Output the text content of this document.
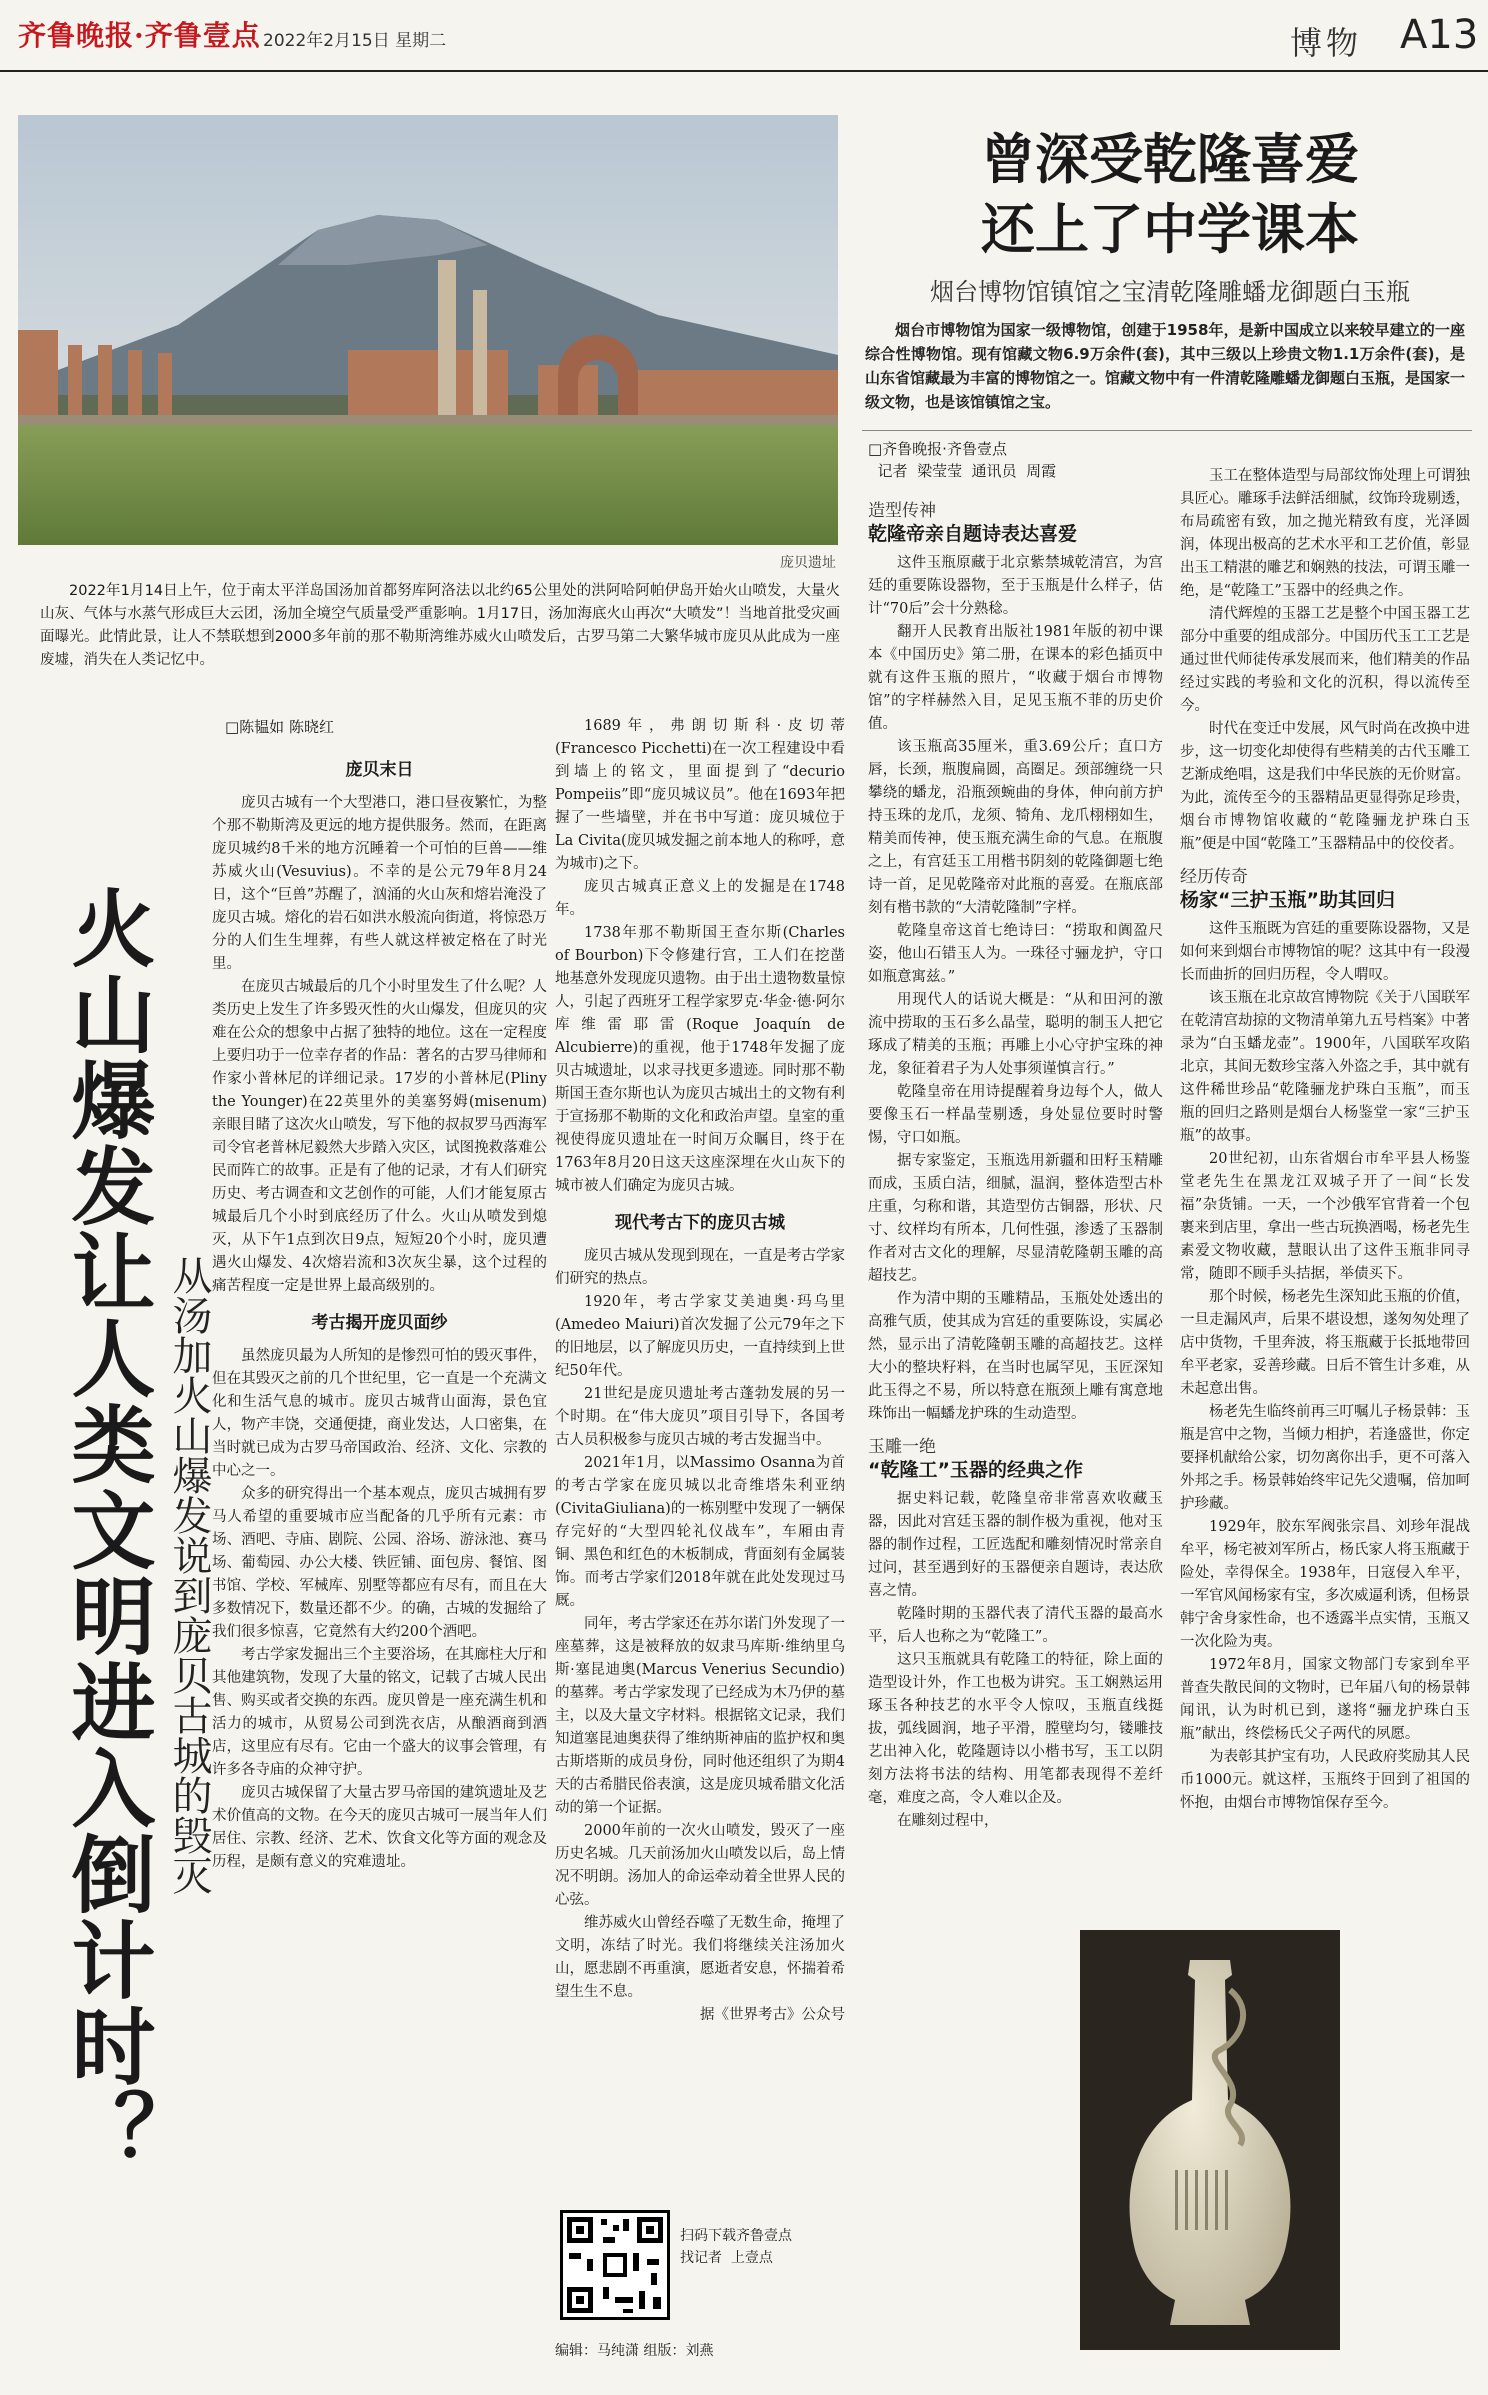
齐鲁晚报·齐鲁壹点 2022年2月15日 星期二	博物 A13
庞贝遗址
2022年1月14日上午，位于南太平洋岛国汤加首都努库阿洛法以北约65公里处的洪阿哈阿帕伊岛开始火山喷发，大量火山灰、气体与水蒸气形成巨大云团，汤加全境空气质量受严重影响。1月17日，汤加海底火山再次“大喷发”！当地首批受灾画面曝光。此情此景，让人不禁联想到2000多年前的那不勒斯湾维苏威火山喷发后，古罗马第二大繁华城市庞贝从此成为一座废墟，消失在人类记忆中。
□陈韫如 陈晓红
火山爆发让人类文明进入倒计时？ 从汤加火山爆发说到庞贝古城的毁灭

庞贝末日

庞贝古城有一个大型港口，港口昼夜繁忙，为整个那不勒斯湾及更远的地方提供服务。然而，在距离庞贝城约8千米的地方沉睡着一个可怕的巨兽——维苏威火山(Vesuvius)。不幸的是公元79年8月24日，这个“巨兽”苏醒了，汹涌的火山灰和熔岩淹没了庞贝古城。熔化的岩石如洪水般流向街道，将惊恐万分的人们生生埋葬，有些人就这样被定格在了时光里。

在庞贝古城最后的几个小时里发生了什么呢？人类历史上发生了许多毁灭性的火山爆发，但庞贝的灾难在公众的想象中占据了独特的地位。这在一定程度上要归功于一位幸存者的作品：著名的古罗马律师和作家小普林尼的详细记录。17岁的小普林尼(Pliny the Younger)在22英里外的美塞努姆(misenum)亲眼目睹了这次火山喷发，写下他的叔叔罗马西海军司令官老普林尼毅然大步踏入灾区，试图挽救落难公民而阵亡的故事。正是有了他的记录，才有人们研究历史、考古调查和文艺创作的可能，人们才能复原古城最后几个小时到底经历了什么。火山从喷发到熄灭，从下午1点到次日9点，短短20个小时，庞贝遭遇火山爆发、4次熔岩流和3次灰尘暴，这个过程的痛苦程度一定是世界上最高级别的。

考古揭开庞贝面纱

虽然庞贝最为人所知的是惨烈可怕的毁灭事件，但在其毁灭之前的几个世纪里，它一直是一个充满文化和生活气息的城市。庞贝古城背山面海，景色宜人，物产丰饶，交通便捷，商业发达，人口密集，在当时就已成为古罗马帝国政治、经济、文化、宗教的中心之一。

众多的研究得出一个基本观点，庞贝古城拥有罗马人希望的重要城市应当配备的几乎所有元素：市场、酒吧、寺庙、剧院、公园、浴场、游泳池、赛马场、葡萄园、办公大楼、铁匠铺、面包房、餐馆、图书馆、学校、军械库、别墅等都应有尽有，而且在大多数情况下，数量还都不少。的确，古城的发掘给了我们很多惊喜，它竟然有大约200个酒吧。

考古学家发掘出三个主要浴场，在其廊柱大厅和其他建筑物，发现了大量的铭文，记载了古城人民出售、购买或者交换的东西。庞贝曾是一座充满生机和活力的城市，从贸易公司到洗衣店，从酿酒商到酒店，这里应有尽有。它由一个盛大的议事会管理，有许多各寺庙的众神守护。

庞贝古城保留了大量古罗马帝国的建筑遗址及艺术价值高的文物。在今天的庞贝古城可一展当年人们居住、宗教、经济、艺术、饮食文化等方面的观念及历程，是颇有意义的究难遗址。

1689年，弗朗切斯科·皮切蒂(Francesco Picchetti)在一次工程建设中看到墙上的铭文，里面提到了“decurio Pompeiis”即“庞贝城议员”。他在1693年把握了一些墙壁，并在书中写道：庞贝城位于La Civita(庞贝城发掘之前本地人的称呼，意为城市)之下。

庞贝古城真正意义上的发掘是在1748年。

1738年那不勒斯国王查尔斯(Charles of Bourbon)下令修建行宫，工人们在挖凿地基意外发现庞贝遗物。由于出土遗物数量惊人，引起了西班牙工程学家罗克·华金·德·阿尔库维雷耶雷(Roque Joaquín de Alcubierre)的重视，他于1748年发掘了庞贝古城遗址，以求寻找更多遗迹。同时那不勒斯国王查尔斯也认为庞贝古城出土的文物有利于宣扬那不勒斯的文化和政治声望。皇室的重视使得庞贝遗址在一时间万众瞩目，终于在1763年8月20日这天这座深埋在火山灰下的城市被人们确定为庞贝古城。

现代考古下的庞贝古城

庞贝古城从发现到现在，一直是考古学家们研究的热点。

1920年，考古学家艾美迪奥·玛乌里(Amedeo Maiuri)首次发掘了公元79年之下的旧地层，以了解庞贝历史，一直持续到上世纪50年代。

21世纪是庞贝遗址考古蓬勃发展的另一个时期。在“伟大庞贝”项目引导下，各国考古人员积极参与庞贝古城的考古发掘当中。

2021年1月，以Massimo Osanna为首的考古学家在庞贝城以北奇维塔朱利亚纳(CivitaGiuliana)的一栋别墅中发现了一辆保存完好的“大型四轮礼仪战车”，车厢由青铜、黑色和红色的木板制成，背面刻有金属装饰。而考古学家们2018年就在此处发现过马厩。

同年，考古学家还在苏尔诺门外发现了一座墓葬，这是被释放的奴隶马库斯·维纳里乌斯·塞昆迪奥(Marcus Venerius Secundio)的墓葬。考古学家发现了已经成为木乃伊的墓主，以及大量文字材料。根据铭文记录，我们知道塞昆迪奥获得了维纳斯神庙的监护权和奥古斯塔斯的成员身份，同时他还组织了为期4天的古希腊民俗表演，这是庞贝城希腊文化活动的第一个证据。

2000年前的一次火山喷发，毁灭了一座历史名城。几天前汤加火山喷发以后，岛上情况不明朗。汤加人的命运牵动着全世界人民的心弦。

维苏威火山曾经吞噬了无数生命，掩埋了文明，冻结了时光。我们将继续关注汤加火山，愿悲剧不再重演，愿逝者安息，怀揣着希望生生不息。

据《世界考古》公众号

扫码下载齐鲁壹点
找记者  上壹点
编辑：马纯潇 组版：刘燕
曾深受乾隆喜爱
还上了中学课本
烟台博物馆镇馆之宝清乾隆雕蟠龙御题白玉瓶
烟台市博物馆为国家一级博物馆，创建于1958年，是新中国成立以来较早建立的一座综合性博物馆。现有馆藏文物6.9万余件(套)，其中三级以上珍贵文物1.1万余件(套)，是山东省馆藏最为丰富的博物馆之一。馆藏文物中有一件清乾隆雕蟠龙御题白玉瓶，是国家一级文物，也是该馆镇馆之宝。
□齐鲁晚报·齐鲁壹点
记者  梁莹莹  通讯员  周霞

造型传神

乾隆帝亲自题诗表达喜爱

这件玉瓶原藏于北京紫禁城乾清宫，为宫廷的重要陈设器物，至于玉瓶是什么样子，估计“70后”会十分熟稔。

翻开人民教育出版社1981年版的初中课本《中国历史》第二册，在课本的彩色插页中就有这件玉瓶的照片，“收藏于烟台市博物馆”的字样赫然入目，足见玉瓶不菲的历史价值。

该玉瓶高35厘米，重3.69公斤；直口方唇，长颈，瓶腹扁圆，高圈足。颈部缠绕一只攀绕的蟠龙，沿瓶颈蜿曲的身体，伸向前方护持玉珠的龙爪，龙须、犄角、龙爪栩栩如生，精美而传神，使玉瓶充满生命的气息。在瓶腹之上，有宫廷玉工用楷书阴刻的乾隆御题七绝诗一首，足见乾隆帝对此瓶的喜爱。在瓶底部刻有楷书款的“大清乾隆制”字样。

乾隆皇帝这首七绝诗曰：“捞取和阗盈尺姿，他山石错玉人为。一珠径寸骊龙护，守口如瓶意寓兹。”

用现代人的话说大概是：“从和田河的激流中捞取的玉石多么晶莹，聪明的制玉人把它琢成了精美的玉瓶；再雕上小心守护宝珠的神龙，象征着君子为人处事须谨慎言行。”

乾隆皇帝在用诗提醒着身边每个人，做人要像玉石一样晶莹剔透，身处显位要时时警惕，守口如瓶。

据专家鉴定，玉瓶选用新疆和田籽玉精雕而成，玉质白洁，细腻，温润，整体造型古朴庄重，匀称和谐，其造型仿古铜器，形状、尺寸、纹样均有所本，几何性强，渗透了玉器制作者对古文化的理解，尽显清乾隆朝玉雕的高超技艺。

作为清中期的玉雕精品，玉瓶处处透出的高雅气质，使其成为宫廷的重要陈设，实属必然，显示出了清乾隆朝玉雕的高超技艺。这样大小的整块籽料，在当时也属罕见，玉匠深知此玉得之不易，所以特意在瓶颈上雕有寓意地珠饰出一幅蟠龙护珠的生动造型。

玉雕一绝

“乾隆工”玉器的经典之作

据史料记载，乾隆皇帝非常喜欢收藏玉器，因此对宫廷玉器的制作极为重视，他对玉器的制作过程，工匠选配和雕刻情况时常亲自过问，甚至遇到好的玉器便亲自题诗，表达欣喜之情。

乾隆时期的玉器代表了清代玉器的最高水平，后人也称之为“乾隆工”。

这只玉瓶就具有乾隆工的特征，除上面的造型设计外，作工也极为讲究。玉工娴熟运用琢玉各种技艺的水平令人惊叹，玉瓶直线挺拔，弧线圆润，地子平滑，膛壁均匀，镂雕技艺出神入化，乾隆题诗以小楷书写，玉工以阴刻方法将书法的结构、用笔都表现得不差纤毫，难度之高，令人难以企及。

在雕刻过程中，

玉工在整体造型与局部纹饰处理上可谓独具匠心。雕琢手法鲜活细腻，纹饰玲珑剔透，布局疏密有致，加之抛光精致有度，光泽圆润，体现出极高的艺术水平和工艺价值，彰显出玉工精湛的雕艺和娴熟的技法，可谓玉雕一绝，是“乾隆工”玉器中的经典之作。

清代辉煌的玉器工艺是整个中国玉器工艺部分中重要的组成部分。中国历代玉工工艺是通过世代师徒传承发展而来，他们精美的作品经过实践的考验和文化的沉积，得以流传至今。

时代在变迁中发展，风气时尚在改换中进步，这一切变化却使得有些精美的古代玉雕工艺渐成绝唱，这是我们中华民族的无价财富。为此，流传至今的玉器精品更显得弥足珍贵，烟台市博物馆收藏的“乾隆骊龙护珠白玉瓶”便是中国“乾隆工”玉器精品中的佼佼者。

经历传奇

杨家“三护玉瓶”助其回归

这件玉瓶既为宫廷的重要陈设器物，又是如何来到烟台市博物馆的呢？这其中有一段漫长而曲折的回归历程，令人喟叹。

该玉瓶在北京故宫博物院《关于八国联军在乾清宫劫掠的文物清单第九五号档案》中著录为“白玉蟠龙壶”。1900年，八国联军攻陷北京，其间无数珍宝落入外盗之手，其中就有这件稀世珍品“乾隆骊龙护珠白玉瓶”，而玉瓶的回归之路则是烟台人杨鉴堂一家“三护玉瓶”的故事。

20世纪初，山东省烟台市牟平县人杨鉴堂老先生在黑龙江双城子开了一间“长发福”杂货铺。一天，一个沙俄军官背着一个包裹来到店里，拿出一些古玩换酒喝，杨老先生素爱文物收藏，慧眼认出了这件玉瓶非同寻常，随即不顾手头拮据，举债买下。

那个时候，杨老先生深知此玉瓶的价值，一旦走漏风声，后果不堪设想，遂匆匆处理了店中货物，千里奔波，将玉瓶藏于长抵地带回牟平老家，妥善珍藏。日后不管生计多难，从未起意出售。

杨老先生临终前再三叮嘱儿子杨景韩：玉瓶是宫中之物，当倾力相护，若逢盛世，你定要择机献给公家，切勿离你出手，更不可落入外邦之手。杨景韩始终牢记先父遗嘱，倍加呵护珍藏。

1929年，胶东军阀张宗昌、刘珍年混战牟平，杨宅被刘军所占，杨氏家人将玉瓶藏于险处，幸得保全。1938年，日寇侵入牟平，一军官风闻杨家有宝，多次威逼利诱，但杨景韩宁舍身家性命，也不透露半点实情，玉瓶又一次化险为夷。

1972年8月，国家文物部门专家到牟平普查失散民间的文物时，已年届八旬的杨景韩闻讯，认为时机已到，遂将“骊龙护珠白玉瓶”献出，终偿杨氏父子两代的夙愿。

为表彰其护宝有功，人民政府奖励其人民币1000元。就这样，玉瓶终于回到了祖国的怀抱，由烟台市博物馆保存至今。
